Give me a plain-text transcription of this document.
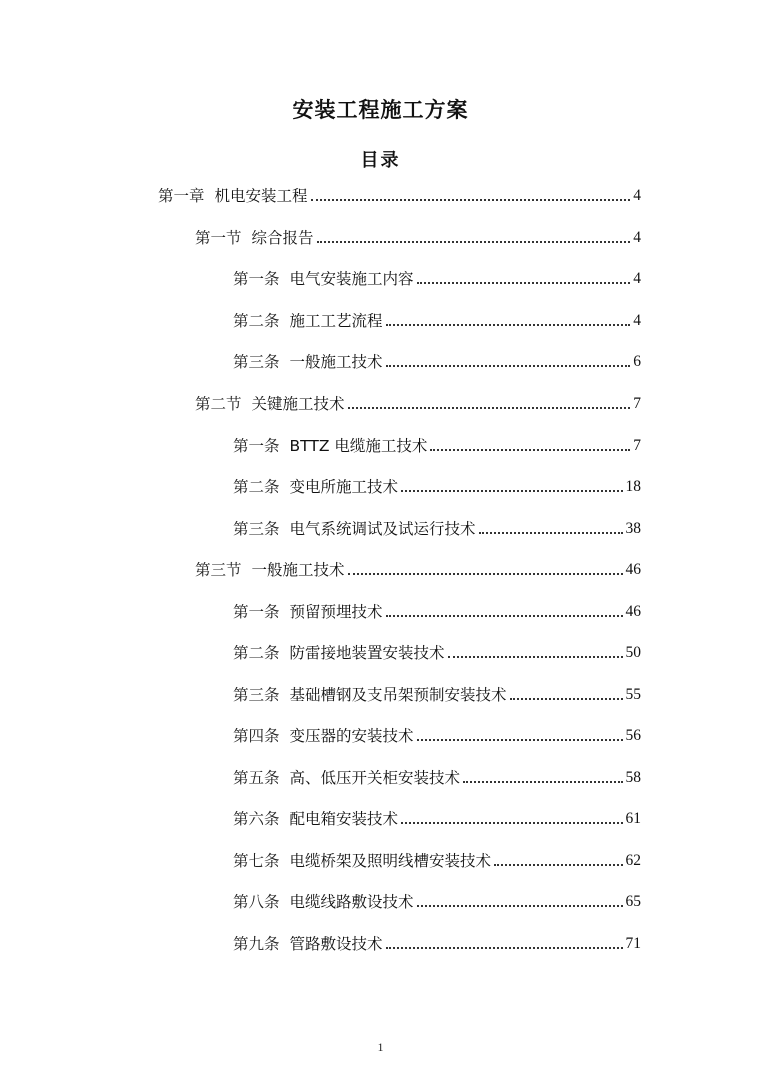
安装工程施工方案
目录
第一章 机电安装工程	4
第一节 综合报告	4
第一条 电气安装施工内容	4
第二条 施工工艺流程	4
第三条 一般施工技术	6
第二节 关键施工技术	7
第一条 BTTZ 电缆施工技术	7
第二条 变电所施工技术	18
第三条 电气系统调试及试运行技术	38
第三节 一般施工技术	46
第一条 预留预埋技术	46
第二条 防雷接地装置安装技术	50
第三条 基础槽钢及支吊架预制安装技术	55
第四条 变压器的安装技术	56
第五条 高、低压开关柜安装技术	58
第六条 配电箱安装技术	61
第七条 电缆桥架及照明线槽安装技术	62
第八条 电缆线路敷设技术	65
第九条 管路敷设技术	71
1
